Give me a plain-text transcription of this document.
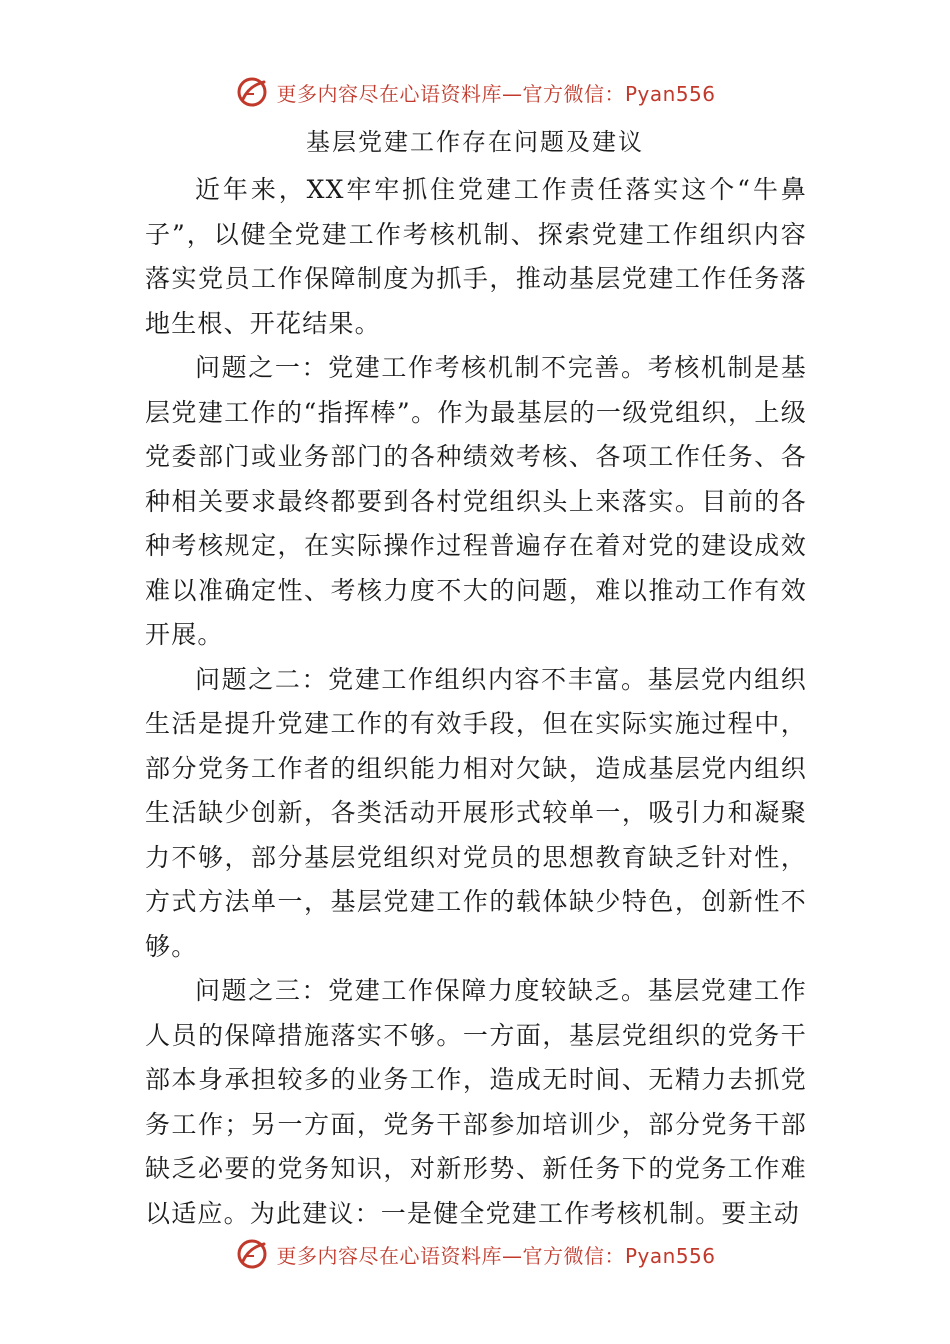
更多内容尽在心语资料库—官方微信：Pyan556
基层党建工作存在问题及建议

近年来，XX牢牢抓住党建工作责任落实这个“牛鼻子”，以健全党建工作考核机制、探索党建工作组织内容落实党员工作保障制度为抓手，推动基层党建工作任务落地生根、开花结果。

问题之一：党建工作考核机制不完善。考核机制是基层党建工作的“指挥棒”。作为最基层的一级党组织，上级党委部门或业务部门的各种绩效考核、各项工作任务、各种相关要求最终都要到各村党组织头上来落实。目前的各种考核规定，在实际操作过程普遍存在着对党的建设成效难以准确定性、考核力度不大的问题，难以推动工作有效开展。

问题之二：党建工作组织内容不丰富。基层党内组织生活是提升党建工作的有效手段，但在实际实施过程中，部分党务工作者的组织能力相对欠缺，造成基层党内组织生活缺少创新，各类活动开展形式较单一，吸引力和凝聚力不够，部分基层党组织对党员的思想教育缺乏针对性，方式方法单一，基层党建工作的载体缺少特色，创新性不够。

问题之三：党建工作保障力度较缺乏。基层党建工作人员的保障措施落实不够。一方面，基层党组织的党务干部本身承担较多的业务工作，造成无时间、无精力去抓党务工作；另一方面，党务干部参加培训少，部分党务干部缺乏必要的党务知识，对新形势、新任务下的党务工作难以适应。为此建议：一是健全党建工作考核机制。要主动

更多内容尽在心语资料库—官方微信：Pyan556
